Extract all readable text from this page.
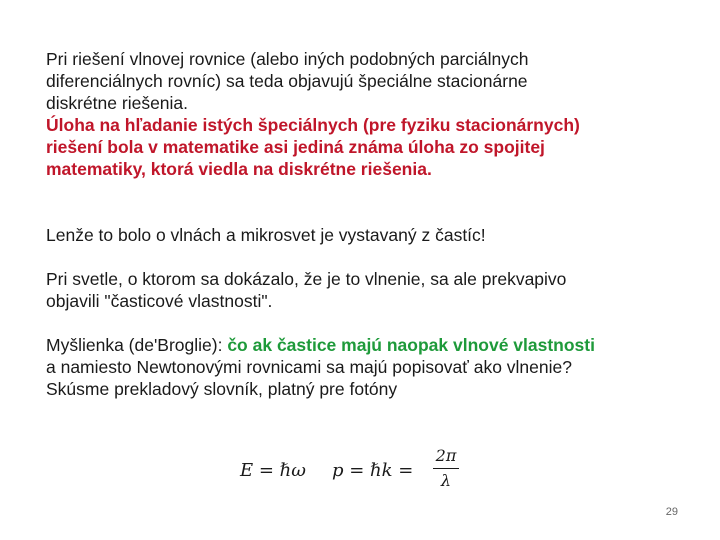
Pri riešení vlnovej rovnice (alebo iných podobných parciálnych
diferenciálnych rovníc) sa teda objavujú špeciálne stacionárne
diskrétne riešenia.
Úloha na hľadanie istých špeciálnych (pre fyziku stacionárnych)
riešení bola v matematike asi jediná známa úloha zo spojitej
matematiky, ktorá viedla na diskrétne riešenia.

Lenže to bolo o vlnách a mikrosvet je vystavaný z častíc!

Pri svetle, o ktorom sa dokázalo, že je to vlnenie, sa ale prekvapivo
objavili "časticové vlastnosti".

Myšlienka (de'Broglie): čo ak častice majú naopak vlnové vlastnosti
a namiesto Newtonovými rovnicami sa majú popisovať ako vlnenie?
Skúsme prekladový slovník, platný pre fotóny

E = ℏω p = ℏk =
2π
λ
29
